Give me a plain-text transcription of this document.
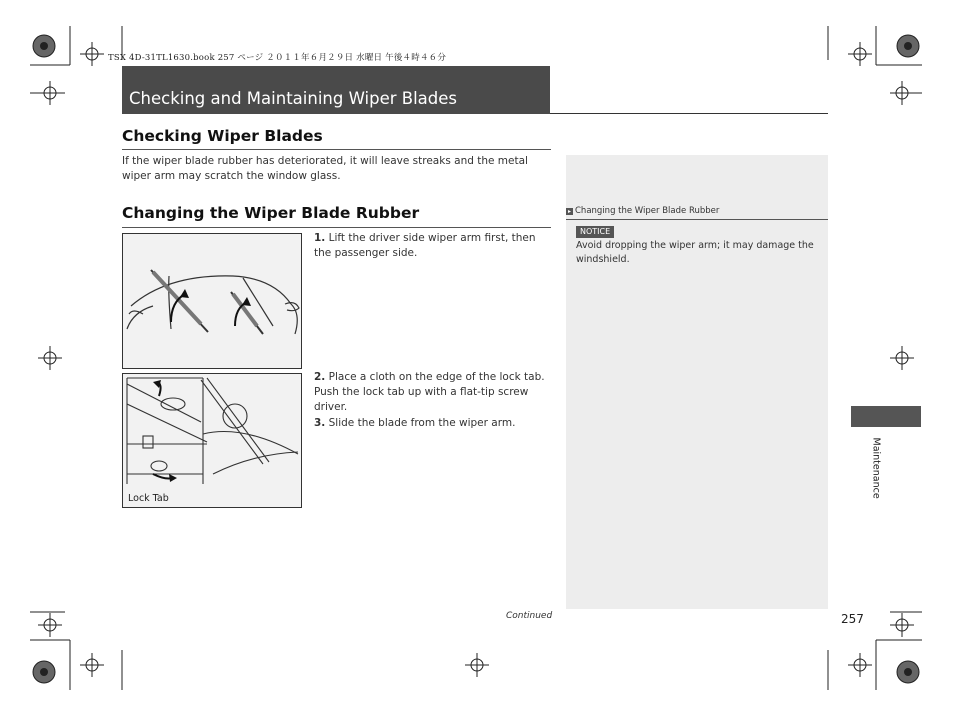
TSX 4D-31TL1630.book 257 ページ ２０１１年６月２９日 水曜日 午後４時４６分
Checking and Maintaining Wiper Blades
Checking Wiper Blades
If the wiper blade rubber has deteriorated, it will leave streaks and the metal wiper arm may scratch the window glass.
▸ Changing the Wiper Blade Rubber
NOTICE
Avoid dropping the wiper arm; it may damage the windshield.
Changing the Wiper Blade Rubber
1. Lift the driver side wiper arm first, then the passenger side.
2. Place a cloth on the edge of the lock tab. Push the lock tab up with a flat-tip screw driver.
3. Slide the blade from the wiper arm.
Lock Tab
Continued	257
Maintenance
